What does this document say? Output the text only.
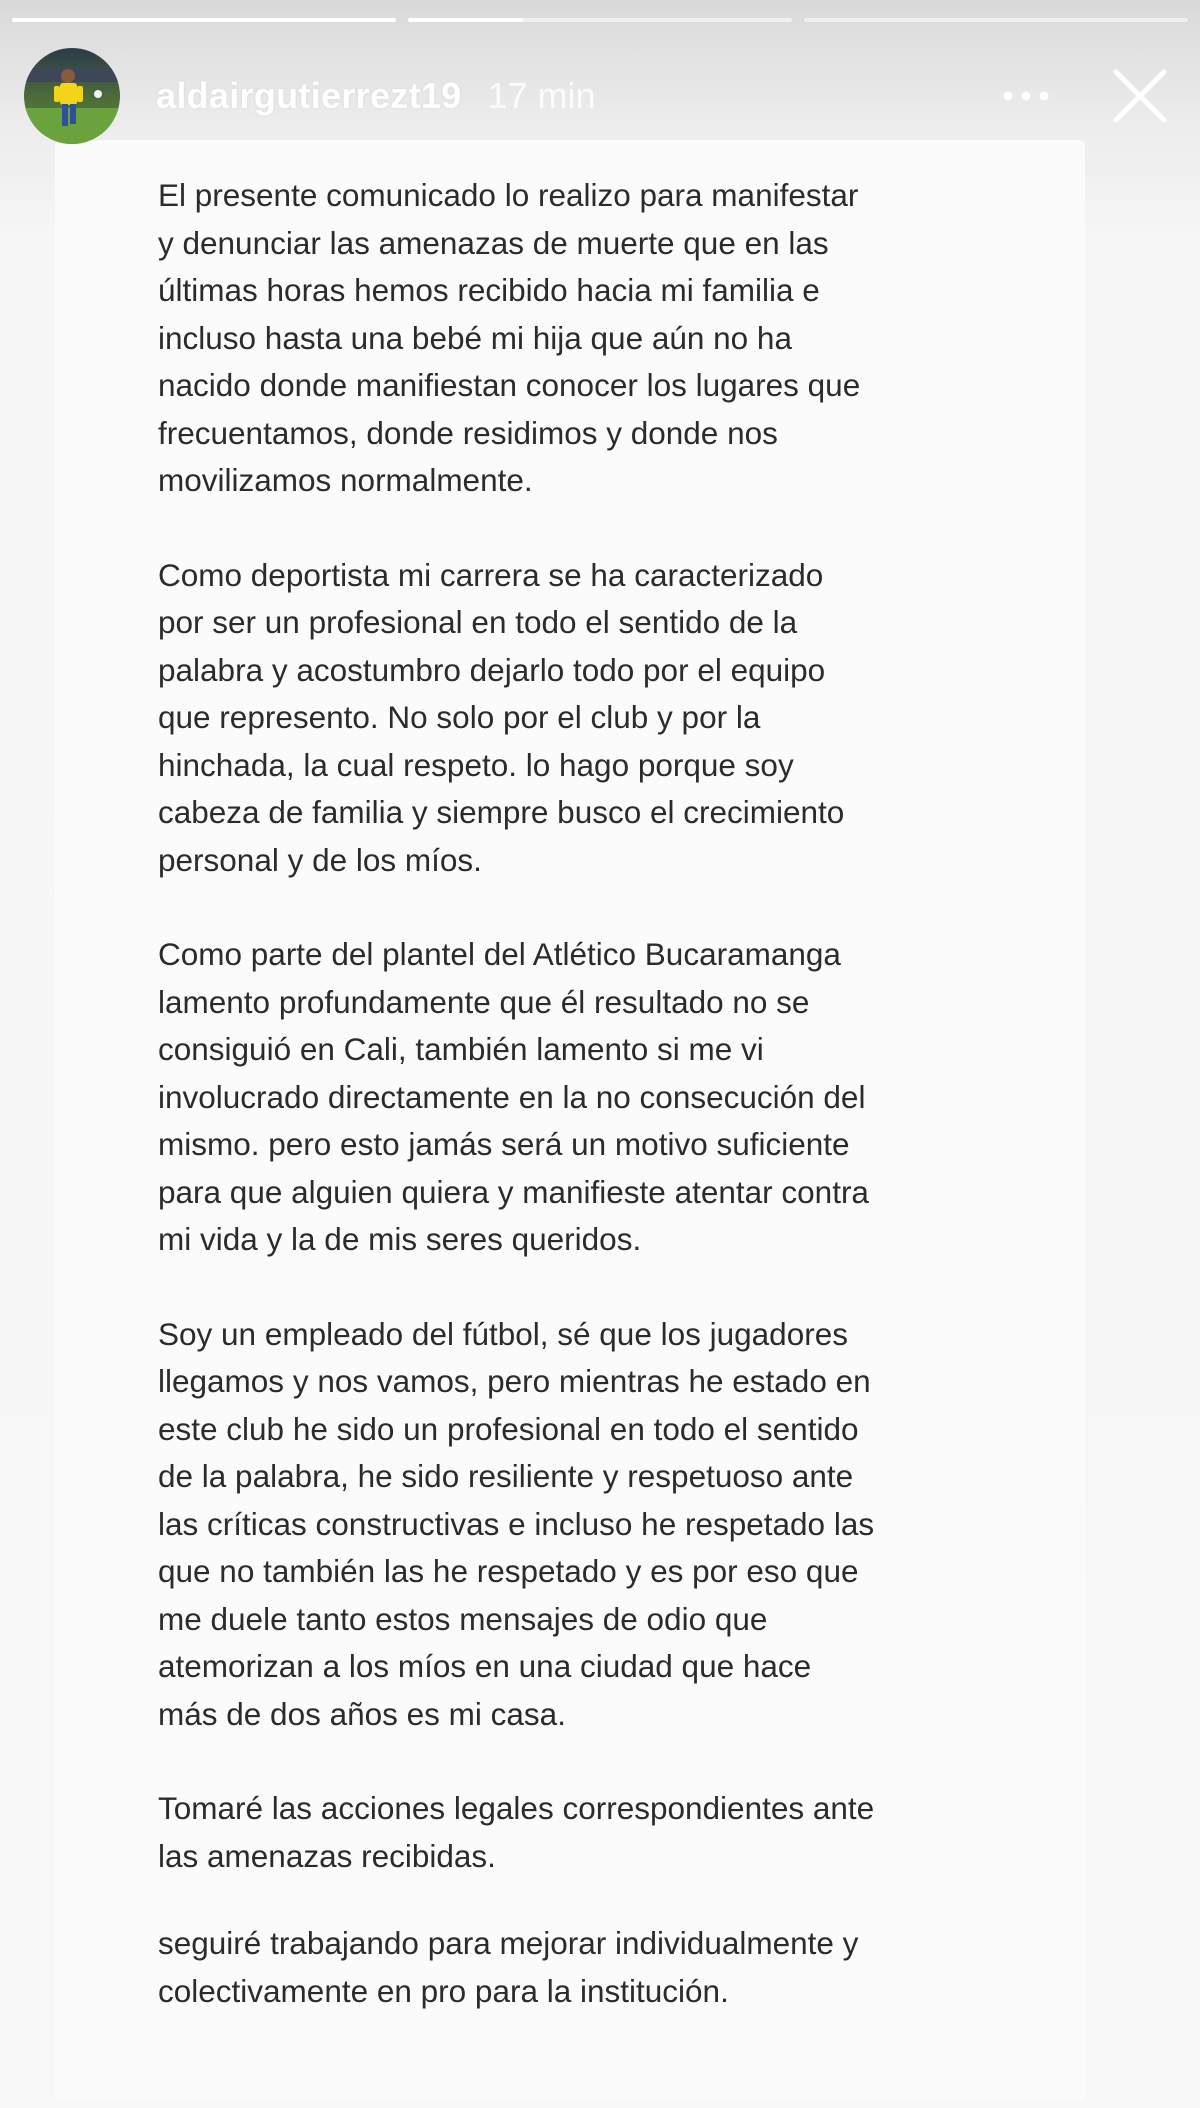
aldairgutierrezt19 17 min

El presente comunicado lo realizo para manifestar
y denunciar las amenazas de muerte que en las
últimas horas hemos recibido hacia mi familia e
incluso hasta una bebé mi hija que aún no ha
nacido donde manifiestan conocer los lugares que
frecuentamos, donde residimos y donde nos
movilizamos normalmente.

Como deportista mi carrera se ha caracterizado
por ser un profesional en todo el sentido de la
palabra y acostumbro dejarlo todo por el equipo
que represento. No solo por el club y por la
hinchada, la cual respeto. lo hago porque soy
cabeza de familia y siempre busco el crecimiento
personal y de los míos.

Como parte del plantel del Atlético Bucaramanga
lamento profundamente que él resultado no se
consiguió en Cali, también lamento si me vi
involucrado directamente en la no consecución del
mismo. pero esto jamás será un motivo suficiente
para que alguien quiera y manifieste atentar contra
mi vida y la de mis seres queridos.

Soy un empleado del fútbol, sé que los jugadores
llegamos y nos vamos, pero mientras he estado en
este club he sido un profesional en todo el sentido
de la palabra, he sido resiliente y respetuoso ante
las críticas constructivas e incluso he respetado las
que no también las he respetado y es por eso que
me duele tanto estos mensajes de odio que
atemorizan a los míos en una ciudad que hace
más de dos años es mi casa.

Tomaré las acciones legales correspondientes ante
las amenazas recibidas.

seguiré trabajando para mejorar individualmente y
colectivamente en pro para la institución.
